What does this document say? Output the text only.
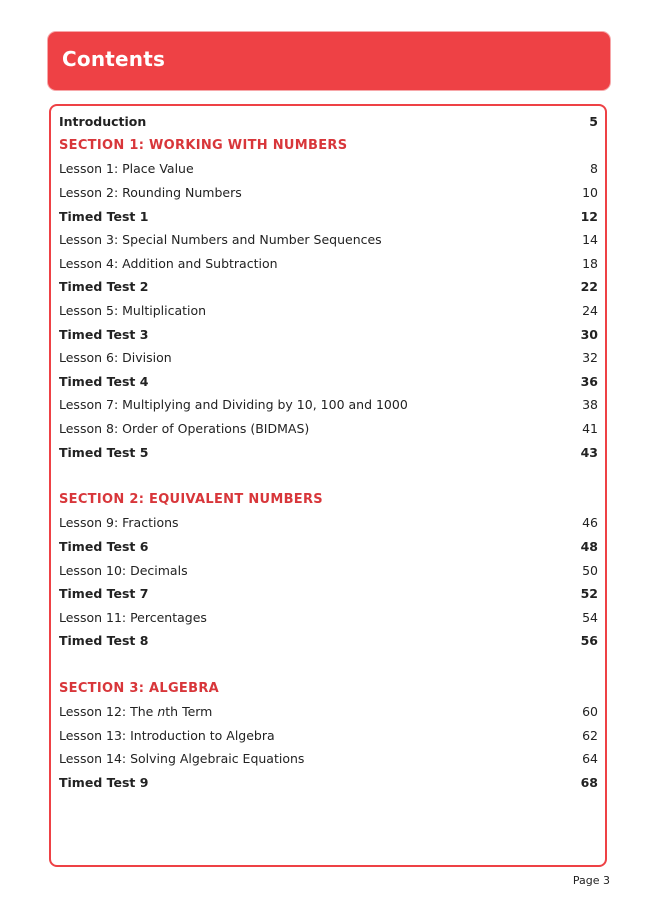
Contents
Introduction	5
SECTION 1: WORKING WITH NUMBERS
Lesson 1: Place Value	8
Lesson 2: Rounding Numbers	10
Timed Test 1	12
Lesson 3: Special Numbers and Number Sequences	14
Lesson 4: Addition and Subtraction	18
Timed Test 2	22
Lesson 5: Multiplication	24
Timed Test 3	30
Lesson 6: Division	32
Timed Test 4	36
Lesson 7: Multiplying and Dividing by 10, 100 and 1000	38
Lesson 8: Order of Operations (BIDMAS)	41
Timed Test 5	43
SECTION 2: EQUIVALENT NUMBERS
Lesson 9: Fractions	46
Timed Test 6	48
Lesson 10: Decimals	50
Timed Test 7	52
Lesson 11: Percentages	54
Timed Test 8	56
SECTION 3: ALGEBRA
Lesson 12: The nth Term	60
Lesson 13: Introduction to Algebra	62
Lesson 14: Solving Algebraic Equations	64
Timed Test 9	68
Page 3
